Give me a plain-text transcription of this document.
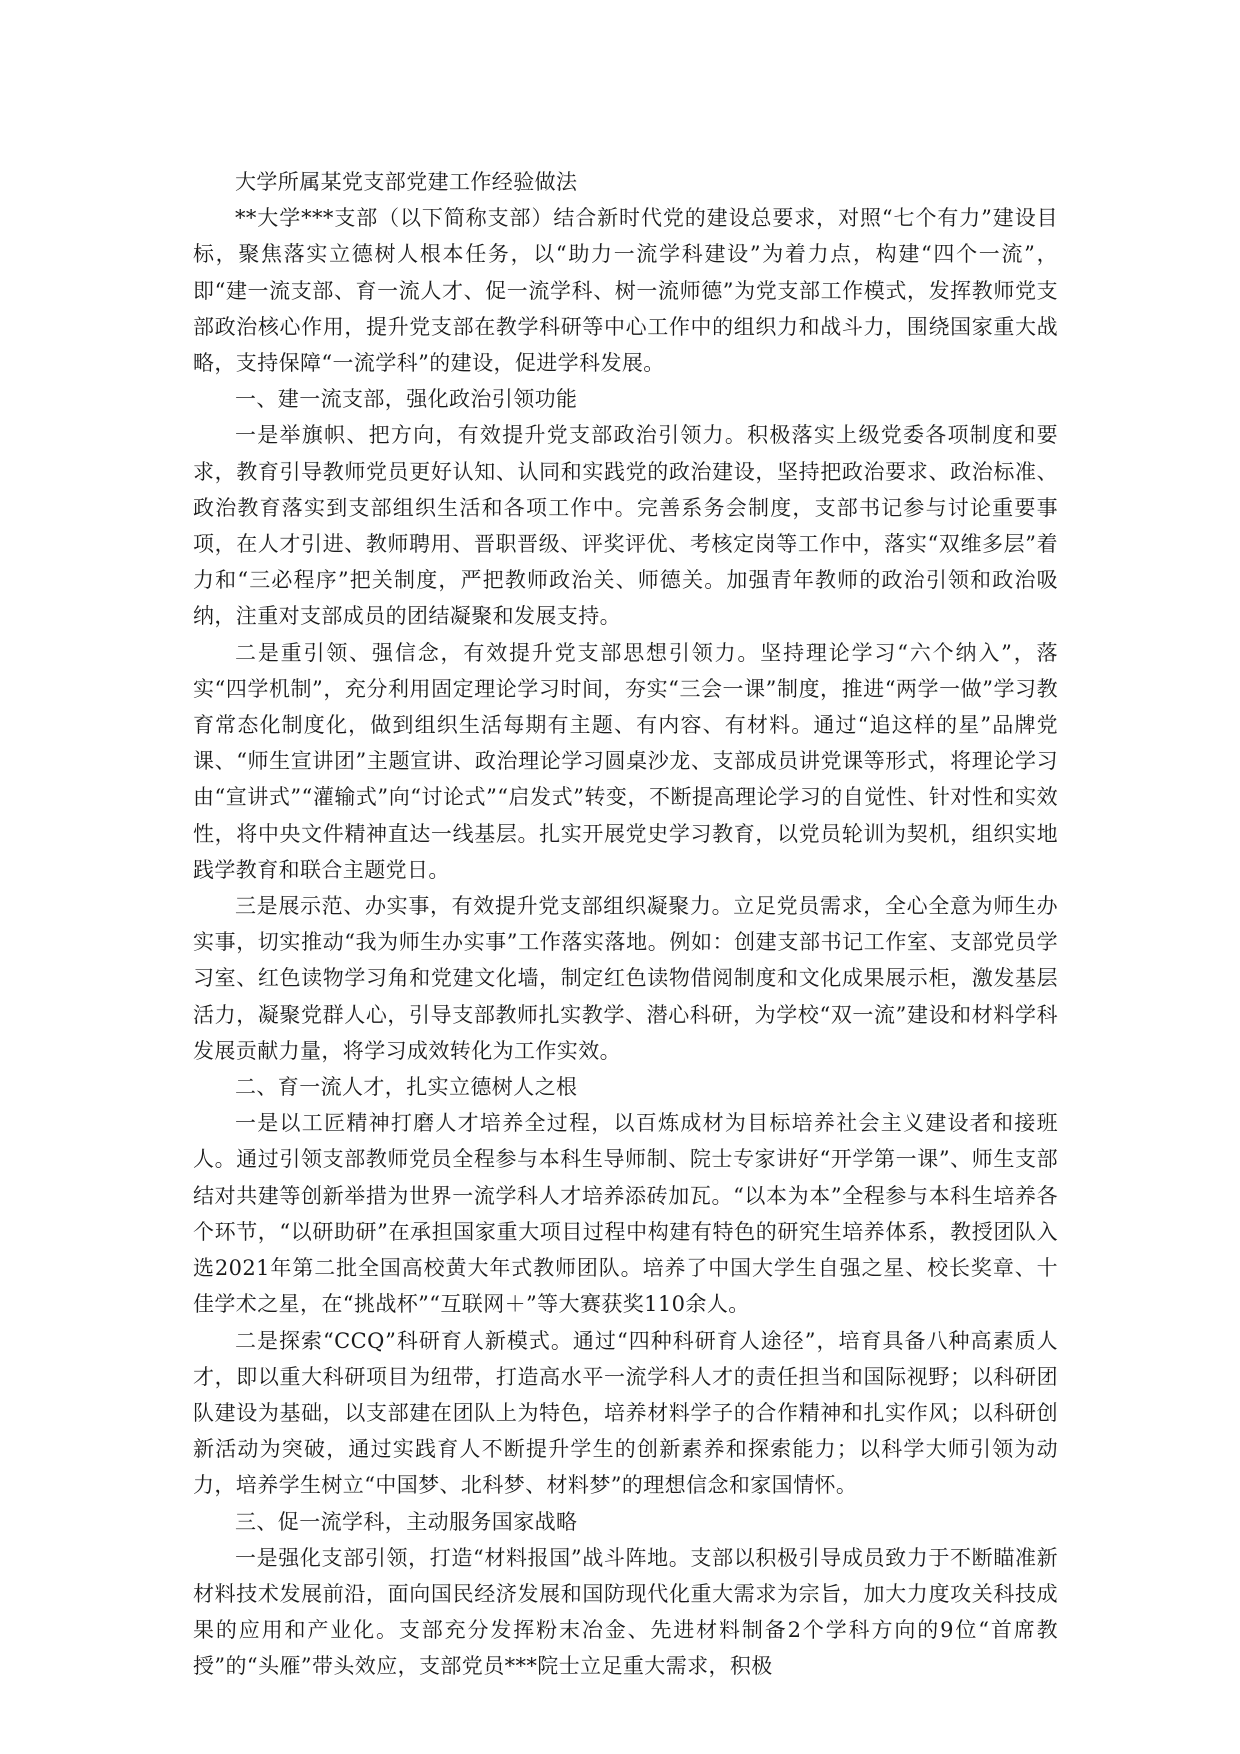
大学所属某党支部党建工作经验做法

**大学***支部（以下简称支部）结合新时代党的建设总要求，对照“七个有力”建设目标，聚焦落实立德树人根本任务，以“助力一流学科建设”为着力点，构建“四个一流”，即“建一流支部、育一流人才、促一流学科、树一流师德”为党支部工作模式，发挥教师党支部政治核心作用，提升党支部在教学科研等中心工作中的组织力和战斗力，围绕国家重大战略，支持保障“一流学科”的建设，促进学科发展。

一、建一流支部，强化政治引领功能

一是举旗帜、把方向，有效提升党支部政治引领力。积极落实上级党委各项制度和要求，教育引导教师党员更好认知、认同和实践党的政治建设，坚持把政治要求、政治标准、政治教育落实到支部组织生活和各项工作中。完善系务会制度，支部书记参与讨论重要事项，在人才引进、教师聘用、晋职晋级、评奖评优、考核定岗等工作中，落实“双维多层”着力和“三必程序”把关制度，严把教师政治关、师德关。加强青年教师的政治引领和政治吸纳，注重对支部成员的团结凝聚和发展支持。

二是重引领、强信念，有效提升党支部思想引领力。坚持理论学习“六个纳入”，落实“四学机制”，充分利用固定理论学习时间，夯实“三会一课”制度，推进“两学一做”学习教育常态化制度化，做到组织生活每期有主题、有内容、有材料。通过“追这样的星”品牌党课、“师生宣讲团”主题宣讲、政治理论学习圆桌沙龙、支部成员讲党课等形式，将理论学习由“宣讲式”“灌输式”向“讨论式”“启发式”转变，不断提高理论学习的自觉性、针对性和实效性，将中央文件精神直达一线基层。扎实开展党史学习教育，以党员轮训为契机，组织实地践学教育和联合主题党日。

三是展示范、办实事，有效提升党支部组织凝聚力。立足党员需求，全心全意为师生办实事，切实推动“我为师生办实事”工作落实落地。例如：创建支部书记工作室、支部党员学习室、红色读物学习角和党建文化墙，制定红色读物借阅制度和文化成果展示柜，激发基层活力，凝聚党群人心，引导支部教师扎实教学、潜心科研，为学校“双一流”建设和材料学科发展贡献力量，将学习成效转化为工作实效。

二、育一流人才，扎实立德树人之根

一是以工匠精神打磨人才培养全过程，以百炼成材为目标培养社会主义建设者和接班人。通过引领支部教师党员全程参与本科生导师制、院士专家讲好“开学第一课”、师生支部结对共建等创新举措为世界一流学科人才培养添砖加瓦。“以本为本”全程参与本科生培养各个环节，“以研助研”在承担国家重大项目过程中构建有特色的研究生培养体系，教授团队入选2021年第二批全国高校黄大年式教师团队。培养了中国大学生自强之星、校长奖章、十佳学术之星，在“挑战杯”“互联网＋”等大赛获奖110余人。

二是探索“CCQ”科研育人新模式。通过“四种科研育人途径”，培育具备八种高素质人才，即以重大科研项目为纽带，打造高水平一流学科人才的责任担当和国际视野；以科研团队建设为基础，以支部建在团队上为特色，培养材料学子的合作精神和扎实作风；以科研创新活动为突破，通过实践育人不断提升学生的创新素养和探索能力；以科学大师引领为动力，培养学生树立“中国梦、北科梦、材料梦”的理想信念和家国情怀。

三、促一流学科，主动服务国家战略

一是强化支部引领，打造“材料报国”战斗阵地。支部以积极引导成员致力于不断瞄准新材料技术发展前沿，面向国民经济发展和国防现代化重大需求为宗旨，加大力度攻关科技成果的应用和产业化。支部充分发挥粉末冶金、先进材料制备2个学科方向的9位“首席教授”的“头雁”带头效应，支部党员***院士立足重大需求，积极
